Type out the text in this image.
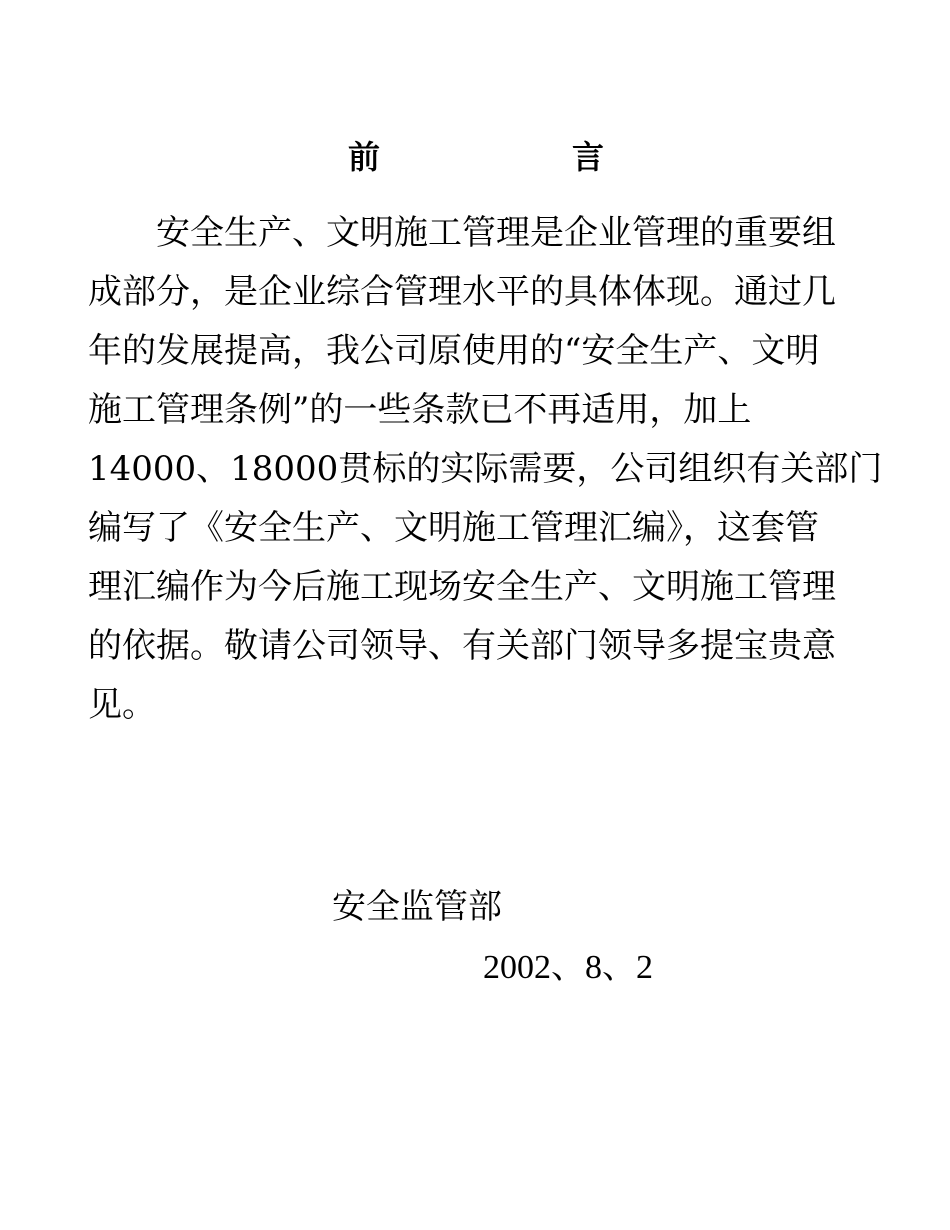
前	言
　　安全生产、文明施工管理是企业管理的重要组
成部分，是企业综合管理水平的具体体现。通过几
年的发展提高，我公司原使用的“安全生产、文明
施工管理条例”的一些条款已不再适用，加上
14000、18000贯标的实际需要，公司组织有关部门
编写了《安全生产、文明施工管理汇编》，这套管
理汇编作为今后施工现场安全生产、文明施工管理
的依据。敬请公司领导、有关部门领导多提宝贵意
见。
安全监管部
2002、8、2
